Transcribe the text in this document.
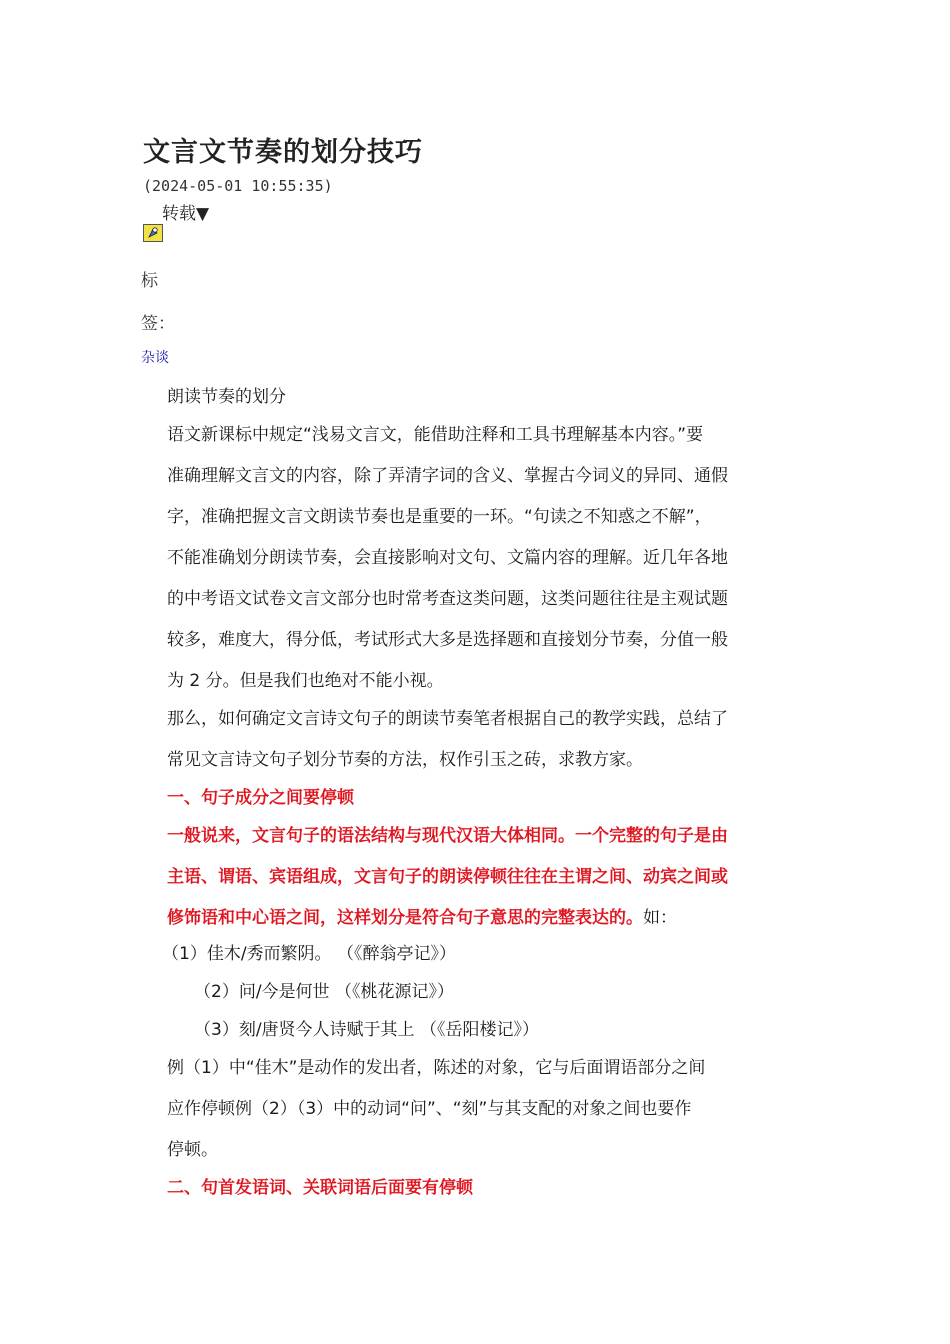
文言文节奏的划分技巧
(2024-05-01 10:55:35)
转载▼
标
签：
杂谈
朗读节奏的划分
语文新课标中规定“浅易文言文，能借助注释和工具书理解基本内容。”要
准确理解文言文的内容，除了弄清字词的含义、掌握古今词义的异同、通假
字，准确把握文言文朗读节奏也是重要的一环。“句读之不知惑之不解”，
不能准确划分朗读节奏，会直接影响对文句、文篇内容的理解。近几年各地
的中考语文试卷文言文部分也时常考查这类问题，这类问题往往是主观试题
较多，难度大，得分低，考试形式大多是选择题和直接划分节奏，分值一般
为 2 分。但是我们也绝对不能小视。
那么，如何确定文言诗文句子的朗读节奏笔者根据自己的教学实践，总结了
常见文言诗文句子划分节奏的方法，权作引玉之砖，求教方家。
一、句子成分之间要停顿
一般说来，文言句子的语法结构与现代汉语大体相同。一个完整的句子是由
主语、谓语、宾语组成，文言句子的朗读停顿往往在主谓之间、动宾之间或
修饰语和中心语之间，这样划分是符合句子意思的完整表达的。如：
（1）佳木/秀而繁阴。 （《醉翁亭记》）
（2）问/今是何世 （《桃花源记》）
（3）刻/唐贤今人诗赋于其上 （《岳阳楼记》）
例（1）中“佳木”是动作的发出者，陈述的对象，它与后面谓语部分之间
应作停顿例（2）（3）中的动词“问”、“刻”与其支配的对象之间也要作
停顿。
二、句首发语词、关联词语后面要有停顿
